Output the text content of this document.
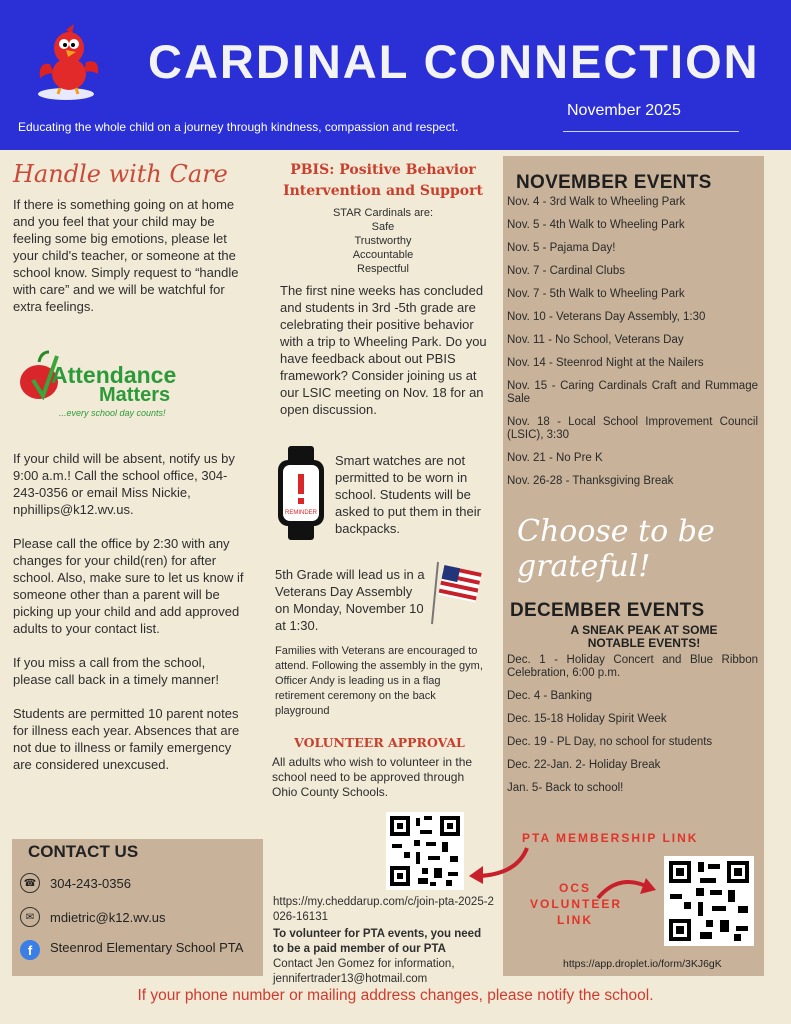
CARDINAL CONNECTION
November 2025
Educating the whole child on a journey through kindness, compassion and respect.
Handle with Care
If there is something going on at home and you feel that your child may be feeling some big emotions, please let your child's teacher, or someone at the school know. Simply request to “handle with care” and we will be watchful for extra feelings.
Attendance
Matters
...every school day counts!
If your child will be absent, notify us by 9:00 a.m.! Call the school office, 304-243-0356 or email Miss Nickie, nphillips@k12.wv.us.
Please call the office by 2:30 with any changes for your child(ren) for after school. Also, make sure to let us know if someone other than a parent will be picking up your child and add approved adults to your contact list.
If you miss a call from the school, please call back in a timely manner!
Students are permitted 10 parent notes for illness each year. Absences that are not due to illness or family emergency are considered unexcused.
PBIS: Positive Behavior
Intervention and Support
STAR Cardinals are:
Safe
Trustworthy
Accountable
Respectful
The first nine weeks has concluded and students in 3rd -5th grade are celebrating their positive behavior with a trip to Wheeling Park. Do you have feedback about out PBIS framework? Consider joining us at our LSIC meeting on Nov. 18 for an open discussion.
REMINDER
Smart watches are not permitted to be worn in school. Students will be asked to put them in their backpacks.
5th Grade will lead us in a Veterans Day Assembly on Monday, November 10 at 1:30.
Families with Veterans are encouraged to attend. Following the assembly in the gym, Officer Andy is leading us in a flag retirement ceremony on the back playground
VOLUNTEER APPROVAL
All adults who wish to volunteer in the school need to be approved through Ohio County Schools.
NOVEMBER EVENTS
Nov. 4 - 3rd Walk to Wheeling Park
Nov. 5 - 4th Walk to Wheeling Park
Nov. 5 - Pajama Day!
Nov. 7 - Cardinal Clubs
Nov. 7 - 5th Walk to Wheeling Park
Nov. 10 - Veterans Day Assembly, 1:30
Nov. 11 - No School, Veterans Day
Nov. 14 - Steenrod Night at the Nailers
Nov. 15 - Caring Cardinals Craft and Rummage Sale
Nov. 18 - Local School Improvement Council (LSIC), 3:30
Nov. 21 - No Pre K
Nov. 26-28 - Thanksgiving Break
Choose to be grateful!
DECEMBER EVENTS
A SNEAK PEAK AT SOME NOTABLE EVENTS!
Dec. 1 - Holiday Concert and Blue Ribbon Celebration, 6:00 p.m.
Dec. 4 - Banking
Dec. 15-18 Holiday Spirit Week
Dec. 19 - PL Day, no school for students
Dec. 22-Jan. 2- Holiday Break
Jan. 5- Back to school!
CONTACT US
☎ 304-243-0356
✉	mdietric@k12.wv.us
f	Steenrod Elementary School PTA
PTA MEMBERSHIP LINK
https://my.cheddarup.com/c/join-pta-2025-2026-16131
To volunteer for PTA events, you need to be a paid member of our PTA
Contact Jen Gomez for information, jennifertrader13@hotmail.com
OCS
VOLUNTEER
LINK
https://app.droplet.io/form/3KJ6gK
If your phone number or mailing address changes, please notify the school.
